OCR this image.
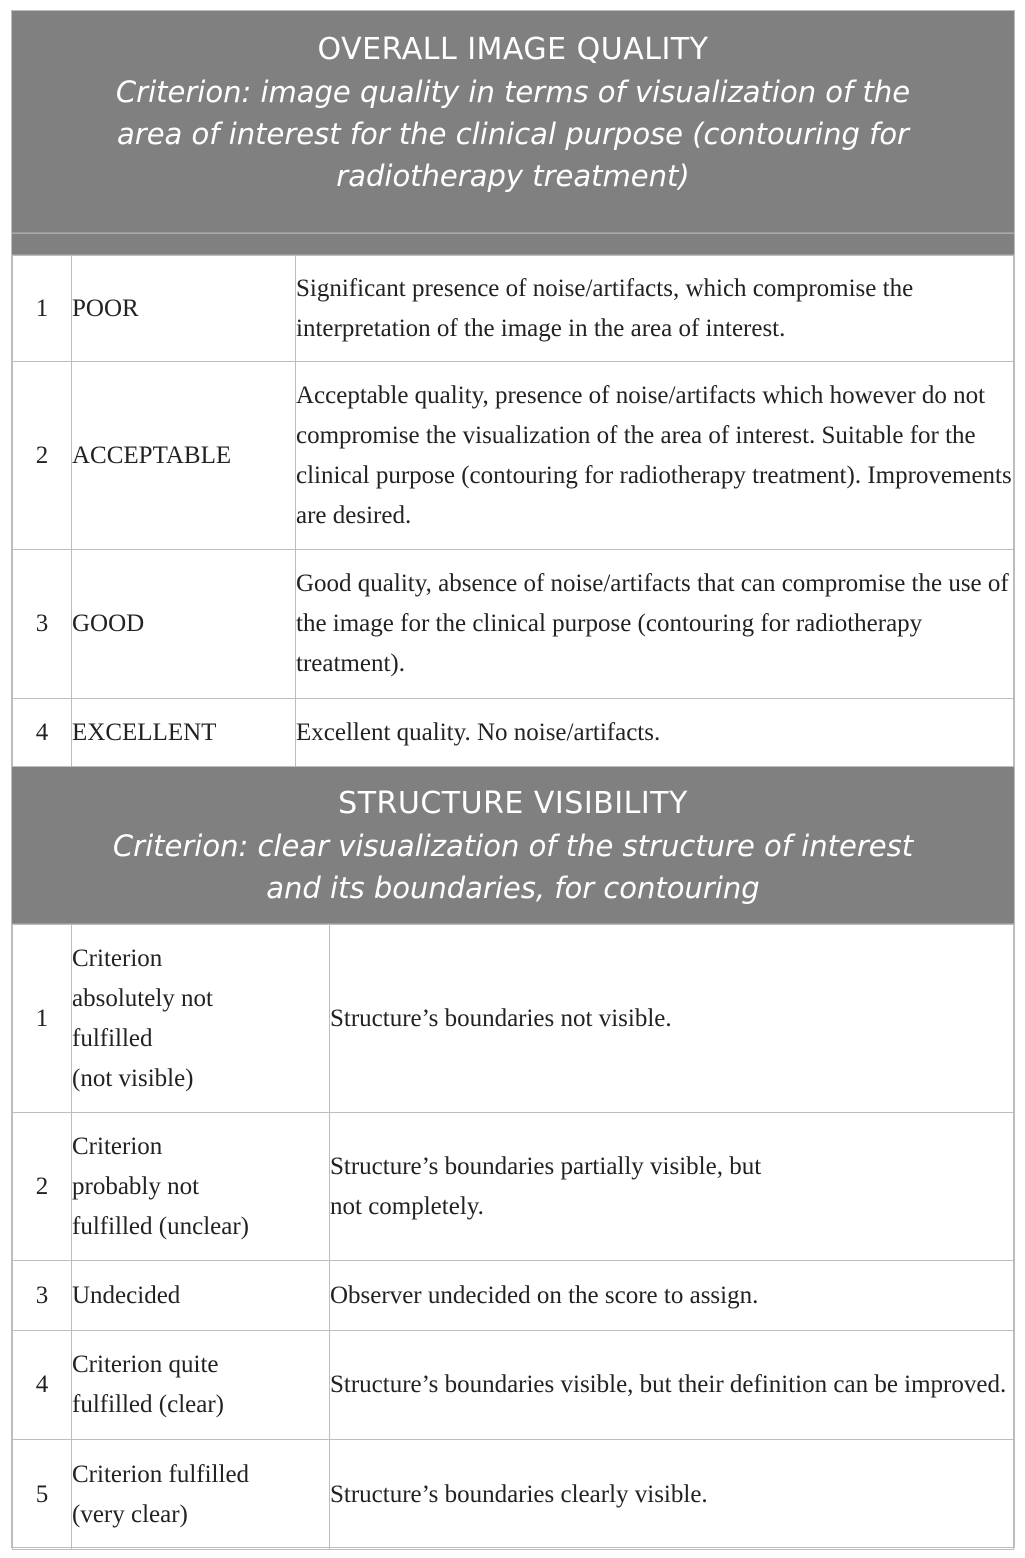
OVERALL IMAGE QUALITY
Criterion: image quality in terms of visualization of the
area of interest for the clinical purpose (contouring for
radiotherapy treatment)
1	POOR	Significant presence of noise/artifacts, which compromise the interpretation of the image in the area of interest.
2	ACCEPTABLE	Acceptable quality, presence of noise/artifacts which however do not compromise the visualization of the area of interest. Suitable for the clinical purpose (contouring for radiotherapy treatment). Improvements are desired.
3	GOOD	Good quality, absence of noise/artifacts that can compromise the use of the image for the clinical purpose (contouring for radiotherapy treatment).
4	EXCELLENT	Excellent quality. No noise/artifacts.
STRUCTURE VISIBILITY
Criterion: clear visualization of the structure of interest
and its boundaries, for contouring
1	Criterion
absolutely not
fulfilled
(not visible)	Structure’s boundaries not visible.
2	Criterion
probably not
fulfilled (unclear)	Structure’s boundaries partially visible, but
not completely.

3	Undecided	Observer undecided on the score to assign.
4	Criterion quite
fulfilled (clear)	Structure’s boundaries visible, but their definition can be improved.
5	Criterion fulfilled
(very clear)	Structure’s boundaries clearly visible.
